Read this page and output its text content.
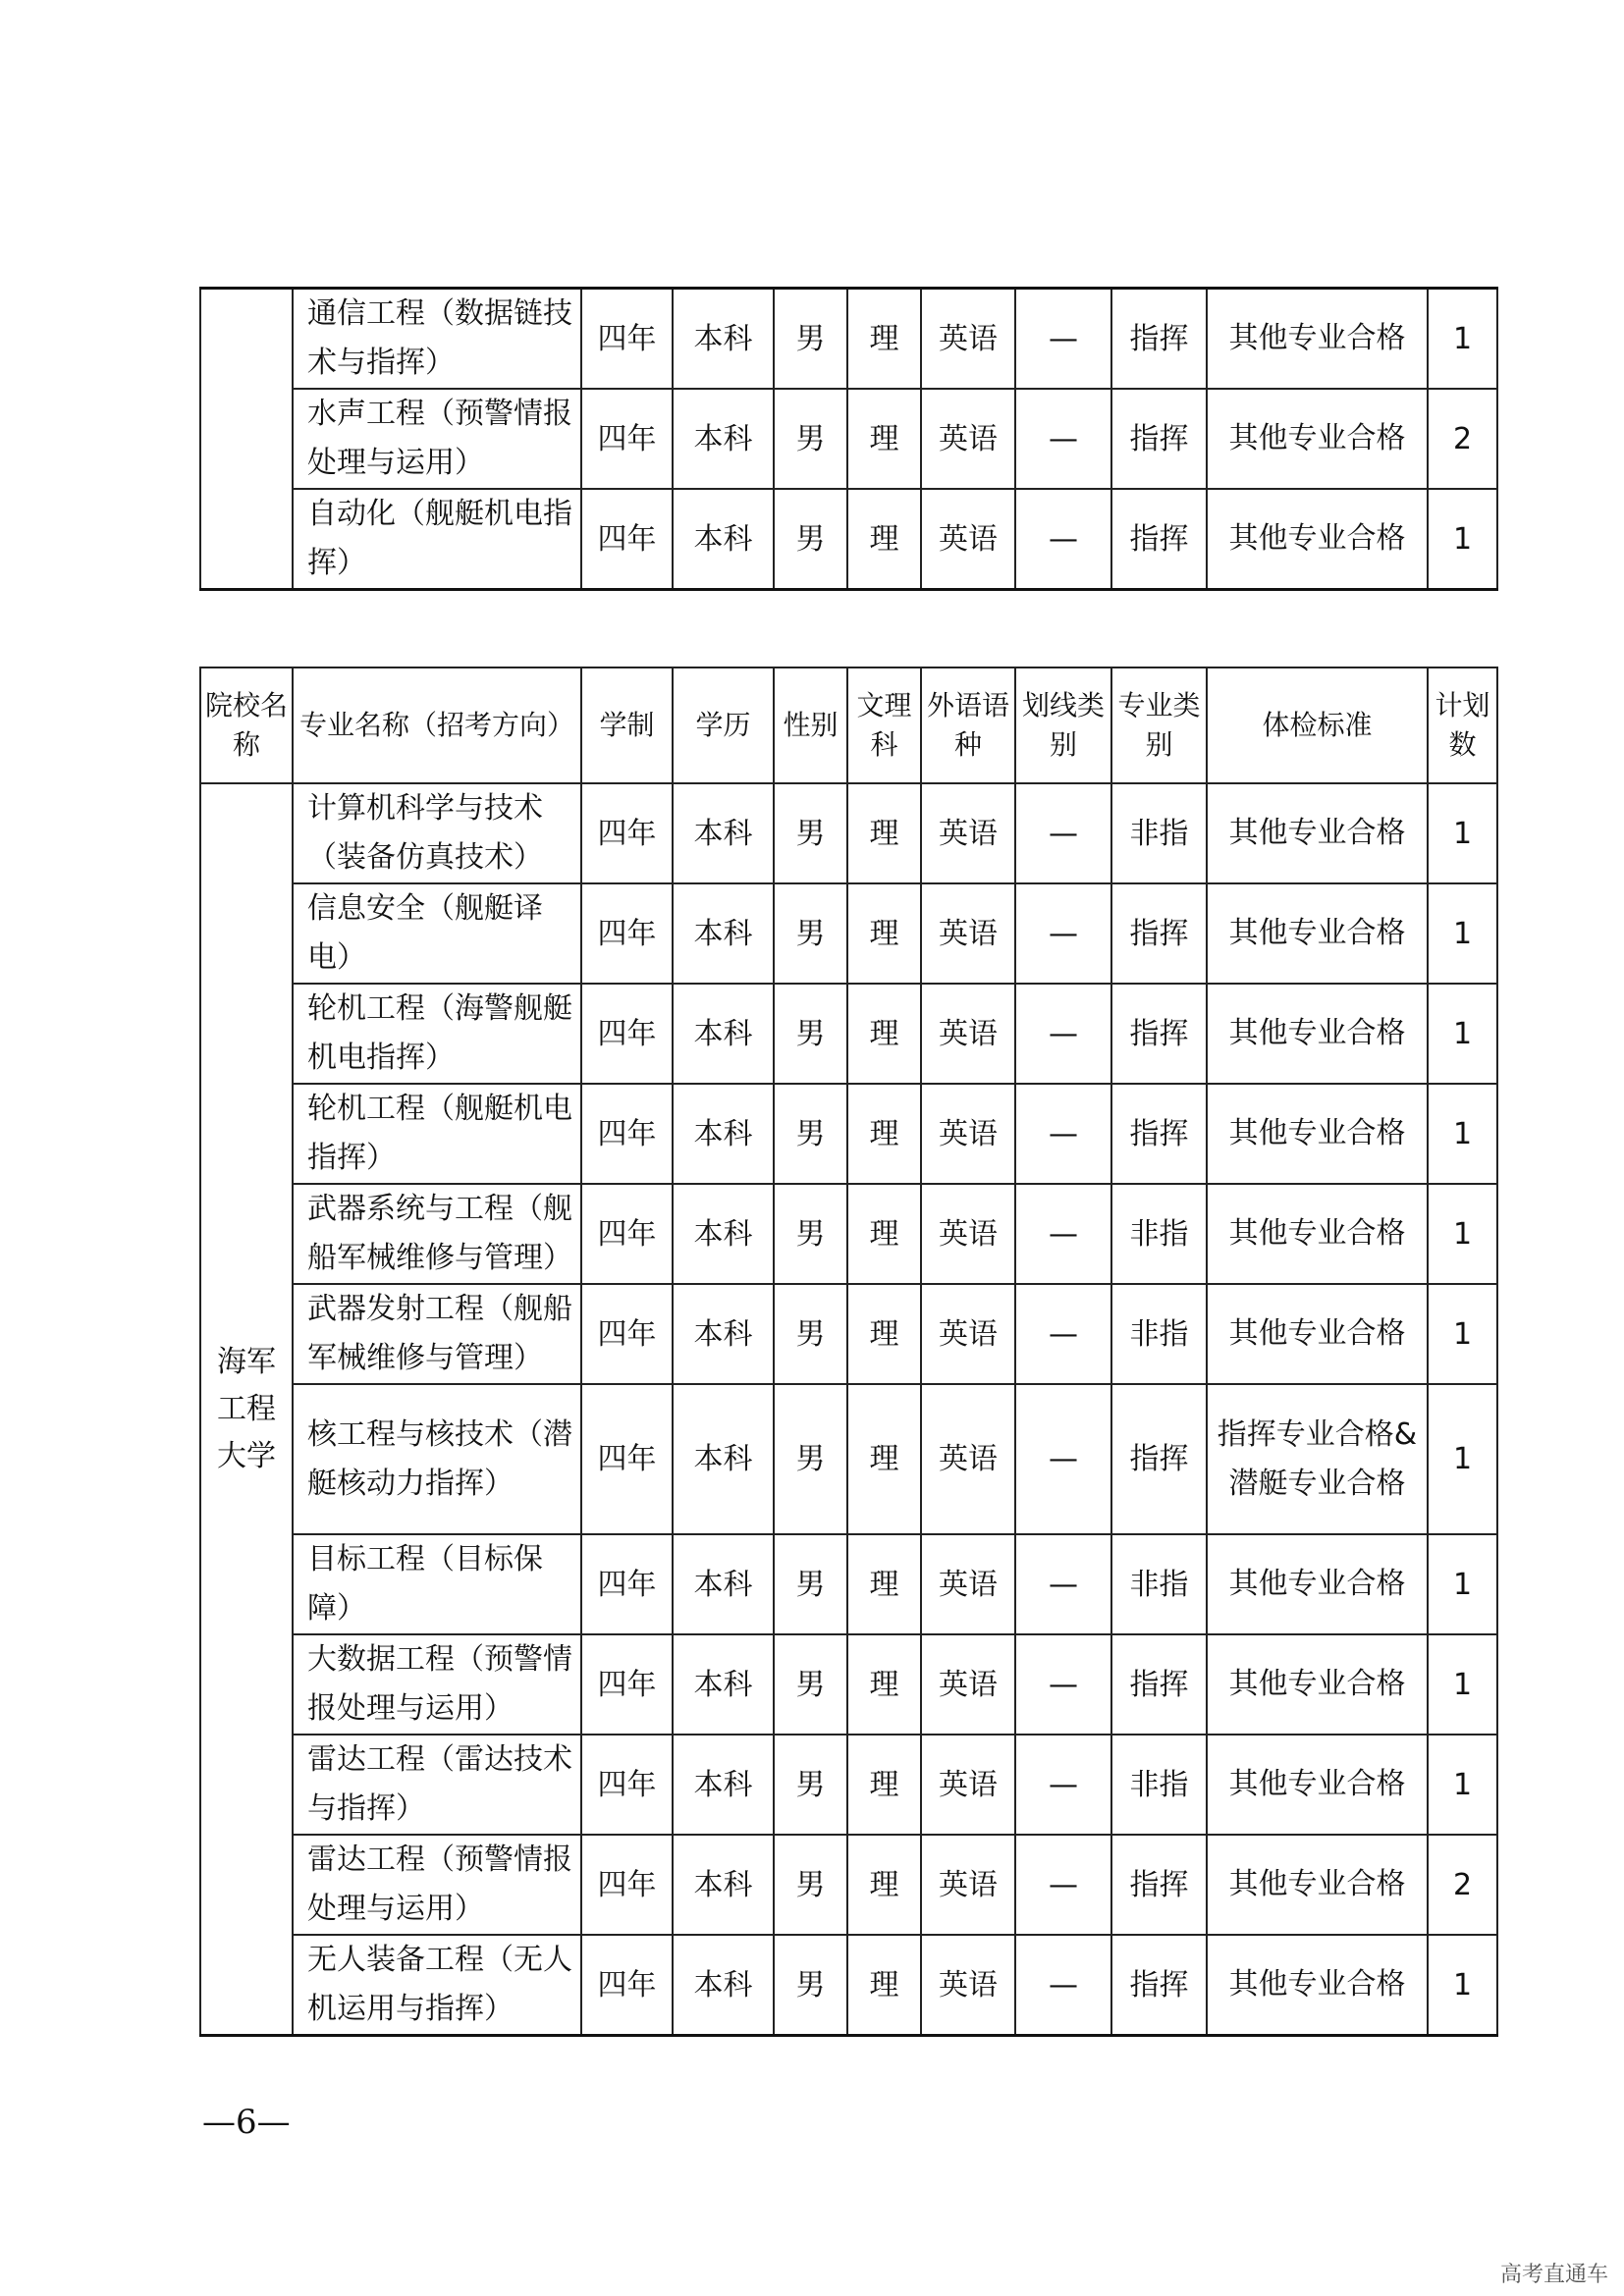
	通信工程（数据链技术与指挥）	四年	本科	男	理	英语	—	指挥	其他专业合格	1
	水声工程（预警情报处理与运用）	四年	本科	男	理	英语	—	指挥	其他专业合格	2
	自动化（舰艇机电指挥）	四年	本科	男	理	英语	—	指挥	其他专业合格	1
院校名称	专业名称（招考方向）	学制	学历	性别	文理科	外语语种	划线类别	专业类别	体检标准	计划数
海军工程大学	计算机科学与技术（装备仿真技术）	四年	本科	男	理	英语	—	非指	其他专业合格	1
	信息安全（舰艇译电）	四年	本科	男	理	英语	—	指挥	其他专业合格	1
	轮机工程（海警舰艇机电指挥）	四年	本科	男	理	英语	—	指挥	其他专业合格	1
	轮机工程（舰艇机电指挥）	四年	本科	男	理	英语	—	指挥	其他专业合格	1
	武器系统与工程（舰船军械维修与管理）	四年	本科	男	理	英语	—	非指	其他专业合格	1
	武器发射工程（舰船军械维修与管理）	四年	本科	男	理	英语	—	非指	其他专业合格	1
	核工程与核技术（潜艇核动力指挥）	四年	本科	男	理	英语	—	指挥	指挥专业合格&潜艇专业合格	1
	目标工程（目标保障）	四年	本科	男	理	英语	—	非指	其他专业合格	1
	大数据工程（预警情报处理与运用）	四年	本科	男	理	英语	—	指挥	其他专业合格	1
	雷达工程（雷达技术与指挥）	四年	本科	男	理	英语	—	非指	其他专业合格	1
	雷达工程（预警情报处理与运用）	四年	本科	男	理	英语	—	指挥	其他专业合格	2
	无人装备工程（无人机运用与指挥）	四年	本科	男	理	英语	—	指挥	其他专业合格	1
—6—
高考直通车
